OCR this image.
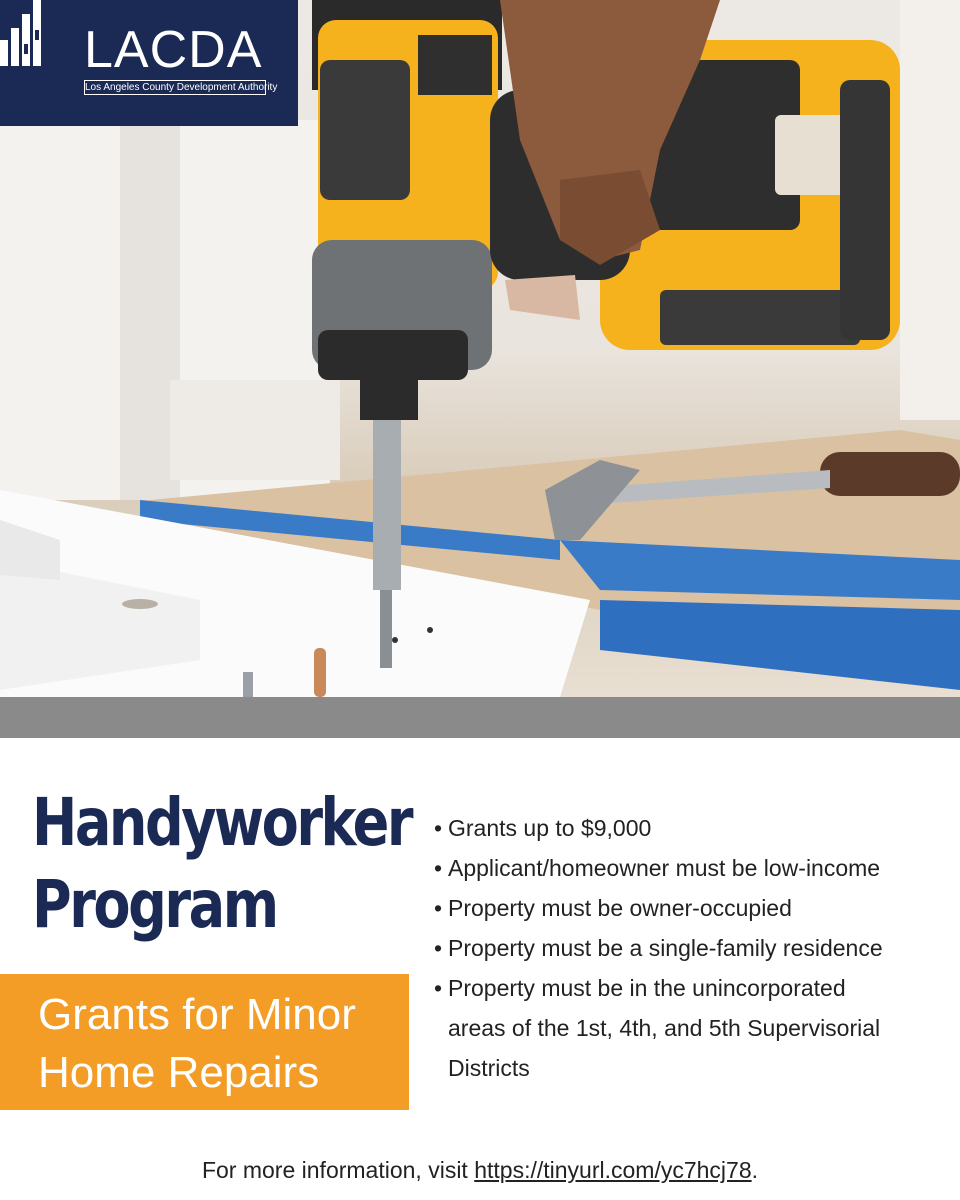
LACDA
Los Angeles County Development Authority
Handyworker
Program
Grants for Minor
Home Repairs
• Grants up to $9,000
• Applicant/homeowner must be low-income
• Property must be owner-occupied
• Property must be a single-family residence
• Property must be in the unincorporated
areas of the 1st, 4th, and 5th Supervisorial
Districts
For more information, visit https://tinyurl.com/yc7hcj78.
